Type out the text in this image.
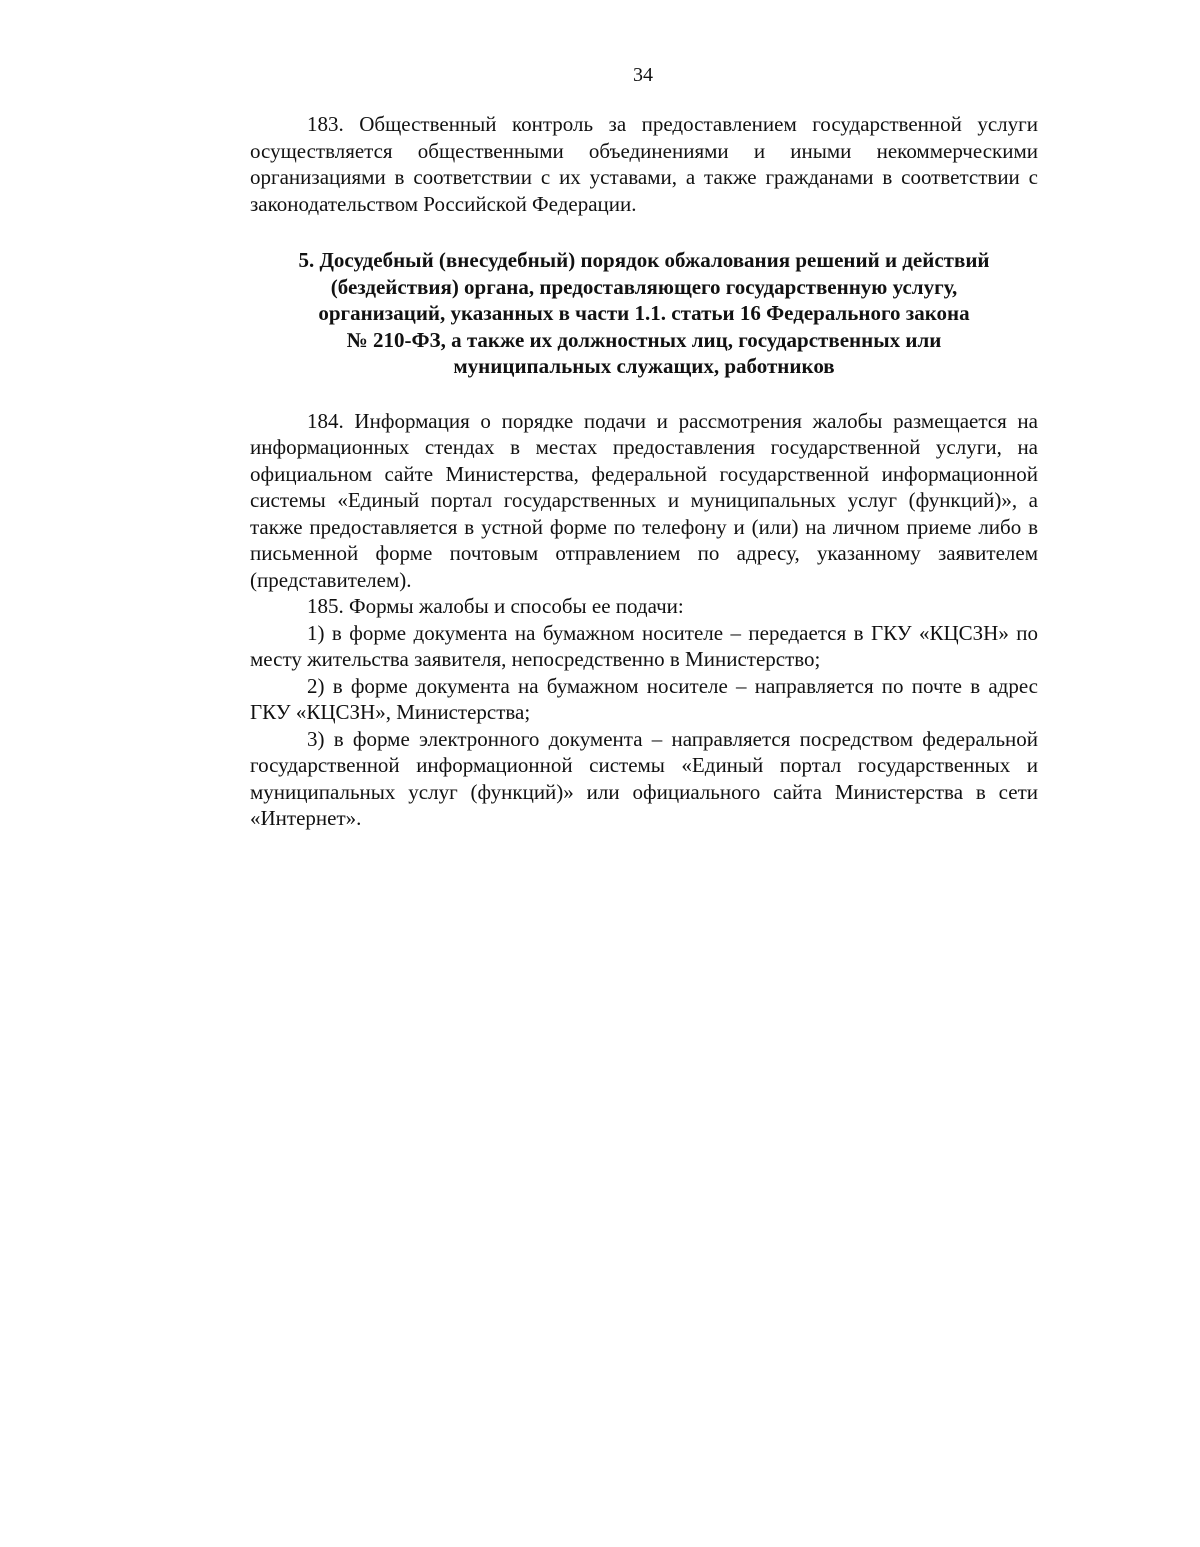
34

183. Общественный контроль за предоставлением государственной услуги осуществляется общественными объединениями и иными некоммерческими организациями в соответствии с их уставами, а также гражданами в соответствии с законодательством Российской Федерации.

5. Досудебный (внесудебный) порядок обжалования решений и действий
(бездействия) органа, предоставляющего государственную услугу,
организаций, указанных в части 1.1. статьи 16 Федерального закона
№ 210-ФЗ, а также их должностных лиц, государственных или
муниципальных служащих, работников

184. Информация о порядке подачи и рассмотрения жалобы размещается на информационных стендах в местах предоставления государственной услуги, на официальном сайте Министерства, федеральной государственной информационной системы «Единый портал государственных и муниципальных услуг (функций)», а также предоставляется в устной форме по телефону и (или) на личном приеме либо в письменной форме почтовым отправлением по адресу, указанному заявителем (представителем).

185. Формы жалобы и способы ее подачи:

1) в форме документа на бумажном носителе – передается в ГКУ «КЦСЗН» по месту жительства заявителя, непосредственно в Министерство;

2) в форме документа на бумажном носителе – направляется по почте в адрес ГКУ «КЦСЗН», Министерства;

3) в форме электронного документа – направляется посредством федеральной государственной информационной системы «Единый портал государственных и муниципальных услуг (функций)» или официального сайта Министерства в сети «Интернет».
